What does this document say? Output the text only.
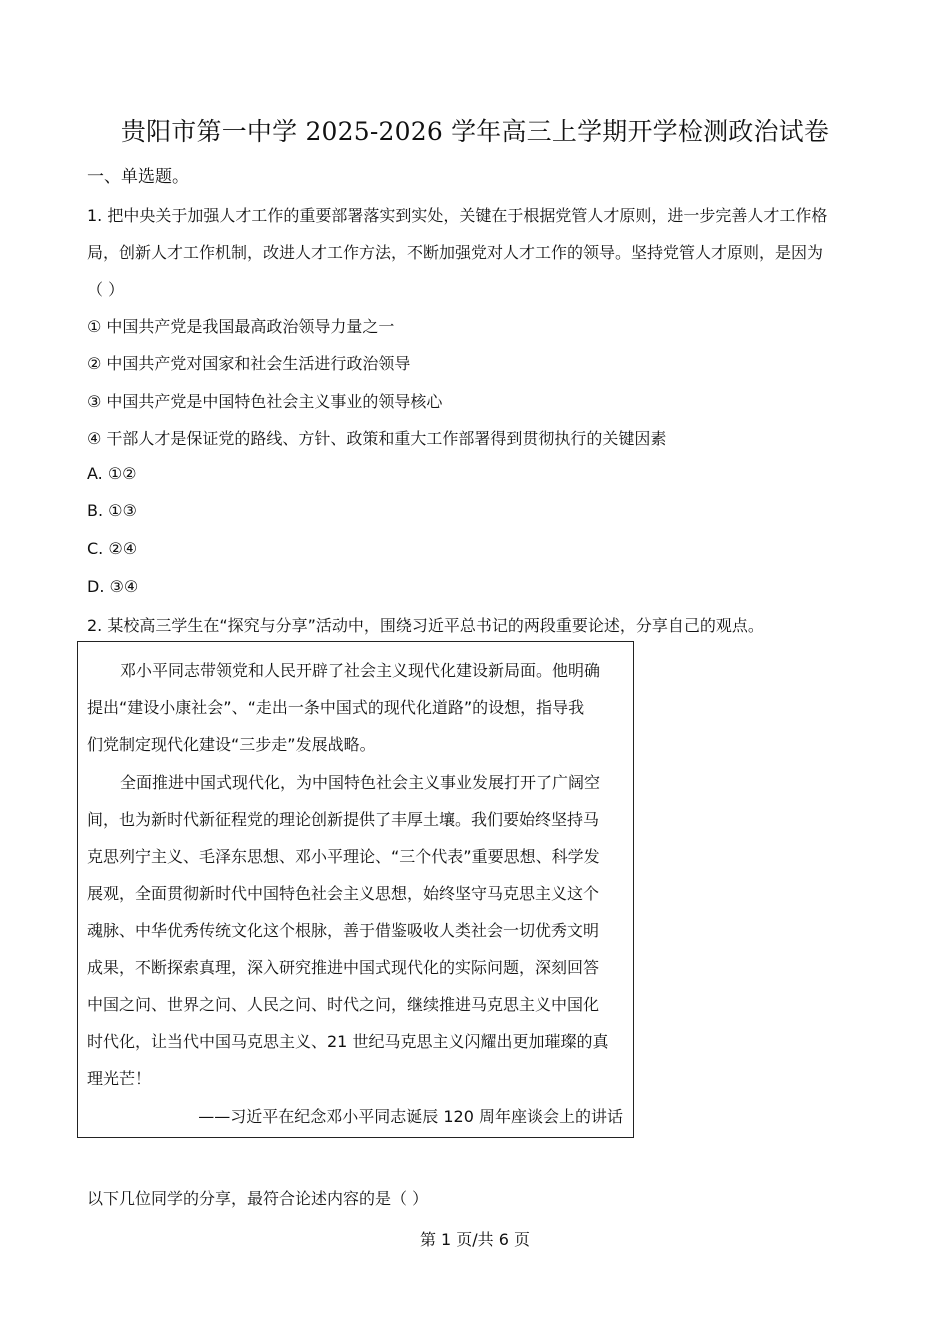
贵阳市第一中学 2025-2026 学年高三上学期开学检测政治试卷
一、单选题。
1. 把中央关于加强人才工作的重要部署落实到实处，关键在于根据党管人才原则，进一步完善人才工作格
局，创新人才工作机制，改进人才工作方法，不断加强党对人才工作的领导。坚持党管人才原则，是因为
（ ）
① 中国共产党是我国最高政治领导力量之一
② 中国共产党对国家和社会生活进行政治领导
③ 中国共产党是中国特色社会主义事业的领导核心
④ 干部人才是保证党的路线、方针、政策和重大工作部署得到贯彻执行的关键因素
A. ①②
B. ①③
C. ②④
D. ③④
2. 某校高三学生在“探究与分享”活动中，围绕习近平总书记的两段重要论述，分享自己的观点。
邓小平同志带领党和人民开辟了社会主义现代化建设新局面。他明确
提出“建设小康社会”、“走出一条中国式的现代化道路”的设想，指导我
们党制定现代化建设“三步走”发展战略。
全面推进中国式现代化，为中国特色社会主义事业发展打开了广阔空
间，也为新时代新征程党的理论创新提供了丰厚土壤。我们要始终坚持马
克思列宁主义、毛泽东思想、邓小平理论、“三个代表”重要思想、科学发
展观，全面贯彻新时代中国特色社会主义思想，始终坚守马克思主义这个
魂脉、中华优秀传统文化这个根脉，善于借鉴吸收人类社会一切优秀文明
成果，不断探索真理，深入研究推进中国式现代化的实际问题，深刻回答
中国之问、世界之问、人民之问、时代之问，继续推进马克思主义中国化
时代化，让当代中国马克思主义、21 世纪马克思主义闪耀出更加璀璨的真
理光芒！
——习近平在纪念邓小平同志诞辰 120 周年座谈会上的讲话
以下几位同学的分享，最符合论述内容的是（ ）
第 1 页/共 6 页
